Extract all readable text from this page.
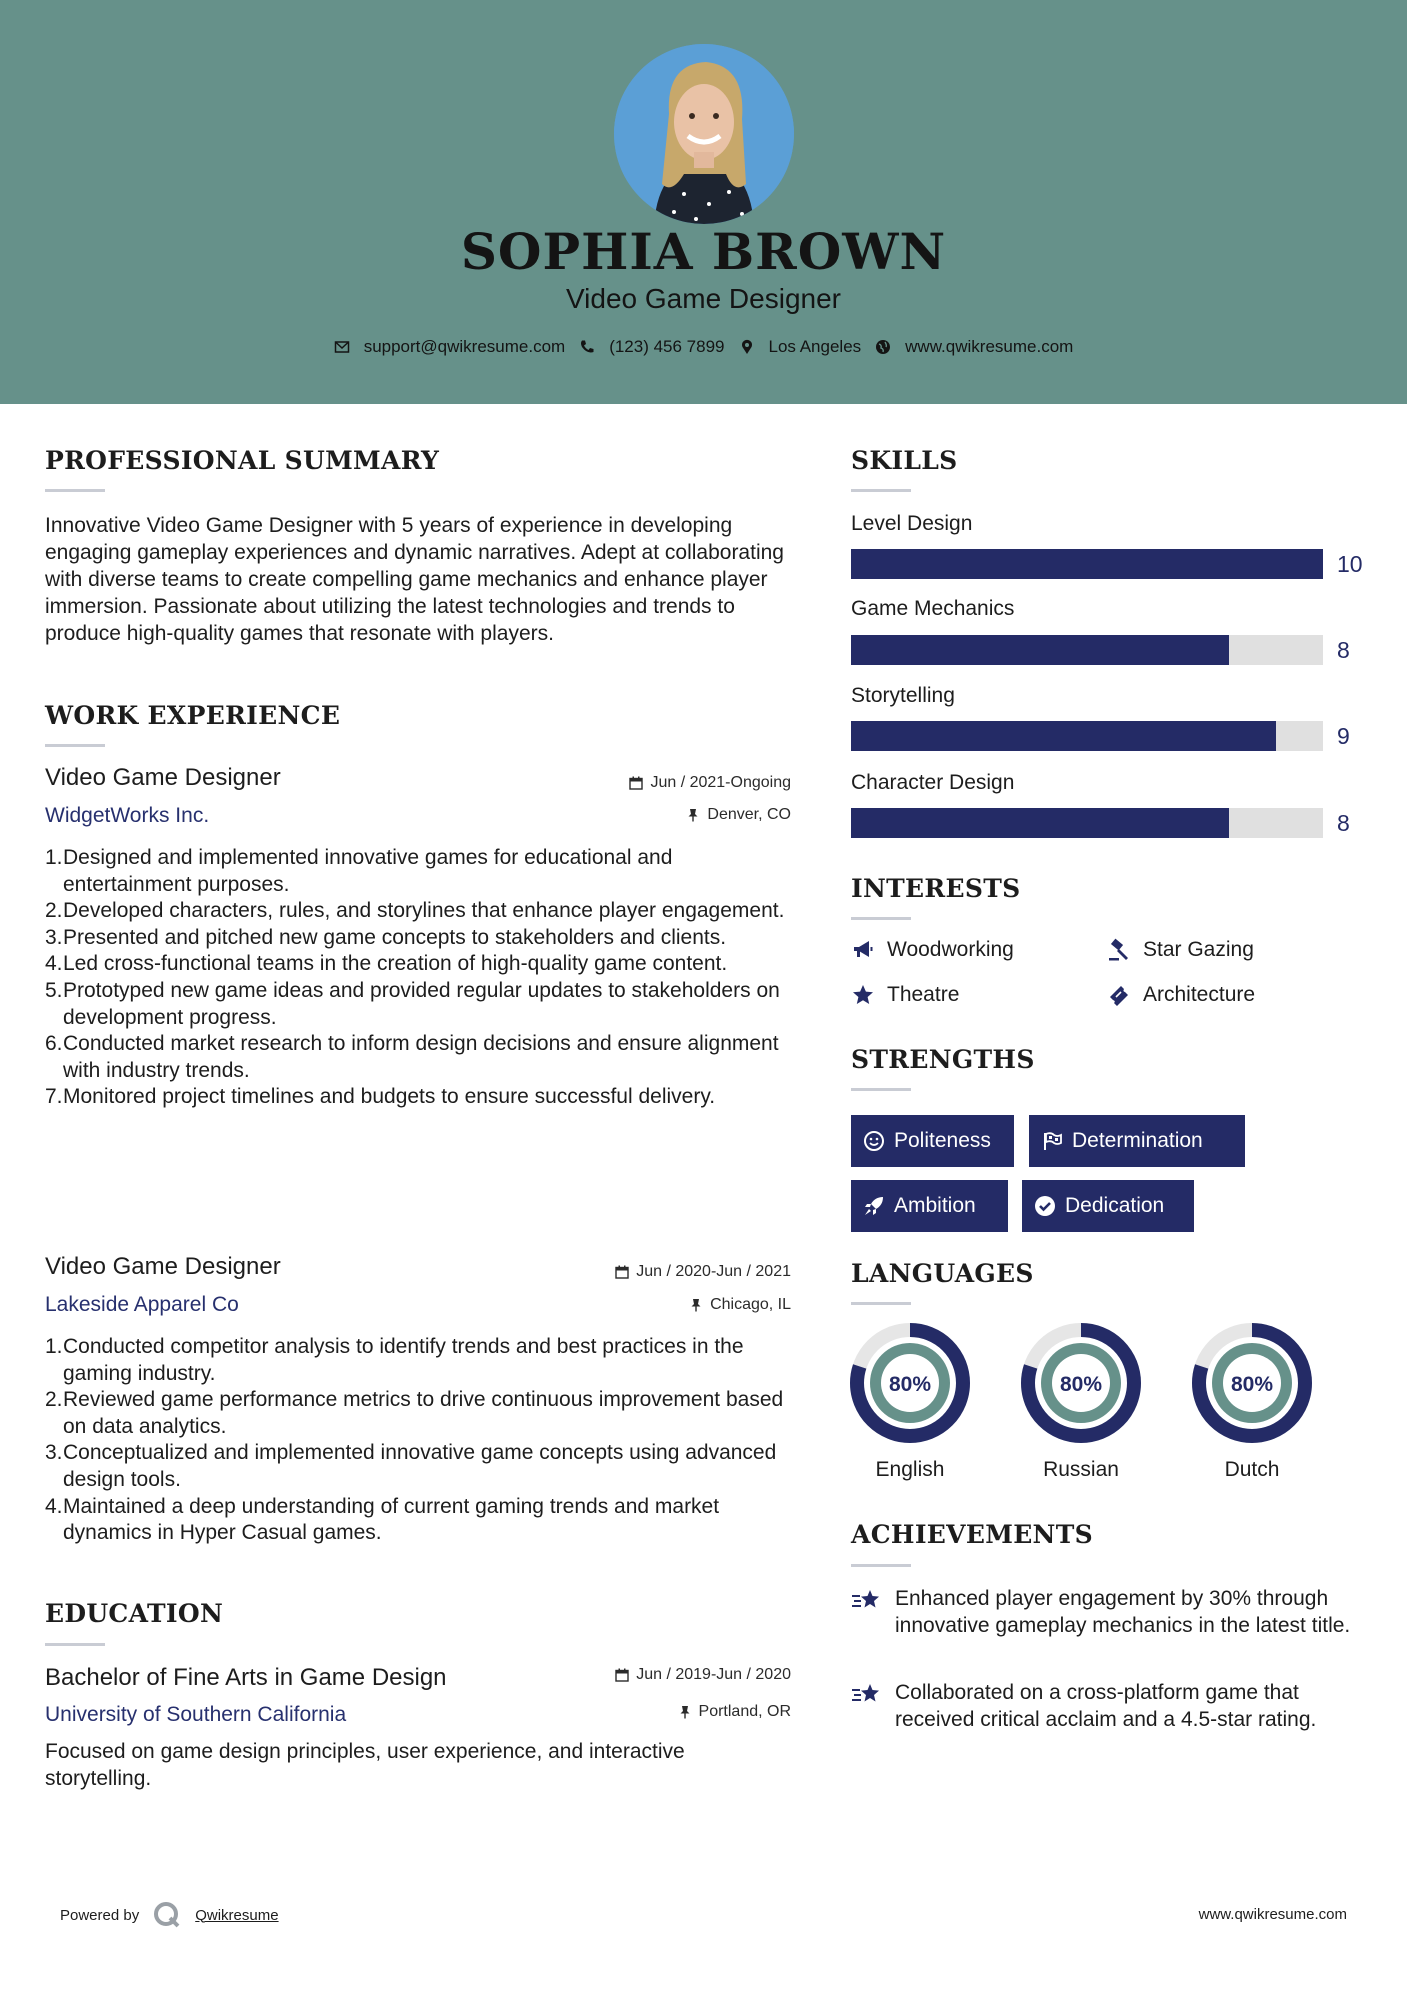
SOPHIA BROWN
Video Game Designer
support@qwikresume.com	(123) 456 7899	Los Angeles	www.qwikresume.com
PROFESSIONAL SUMMARY
Innovative Video Game Designer with 5 years of experience in developing engaging gameplay experiences and dynamic narratives. Adept at collaborating with diverse teams to create compelling game mechanics and enhance player immersion. Passionate about utilizing the latest technologies and trends to produce high-quality games that resonate with players.
WORK EXPERIENCE
Video Game Designer	Jun / 2021-Ongoing
WidgetWorks Inc.	Denver, CO
1. Designed and implemented innovative games for educational and entertainment purposes.
2. Developed characters, rules, and storylines that enhance player engagement.
3. Presented and pitched new game concepts to stakeholders and clients.
4. Led cross-functional teams in the creation of high-quality game content.
5. Prototyped new game ideas and provided regular updates to stakeholders on development progress.
6. Conducted market research to inform design decisions and ensure alignment with industry trends.
7. Monitored project timelines and budgets to ensure successful delivery.
Video Game Designer	Jun / 2020-Jun / 2021
Lakeside Apparel Co	Chicago, IL
1. Conducted competitor analysis to identify trends and best practices in the gaming industry.
2. Reviewed game performance metrics to drive continuous improvement based on data analytics.
3. Conceptualized and implemented innovative game concepts using advanced design tools.
4. Maintained a deep understanding of current gaming trends and market dynamics in Hyper Casual games.
EDUCATION
Bachelor of Fine Arts in Game Design	Jun / 2019-Jun / 2020
University of Southern California	Portland, OR
Focused on game design principles, user experience, and interactive storytelling.
SKILLS
Level Design
10
Game Mechanics
8
Storytelling
9
Character Design
8
INTERESTS
Woodworking	Star Gazing
Theatre	Architecture
STRENGTHS
Politeness	Determination
Ambition	Dedication
LANGUAGES
80%
English
80%
Russian
80%
Dutch
ACHIEVEMENTS
Enhanced player engagement by 30% through innovative gameplay mechanics in the latest title.
Collaborated on a cross-platform game that received critical acclaim and a 4.5-star rating.
Powered by	Qwikresume	www.qwikresume.com
